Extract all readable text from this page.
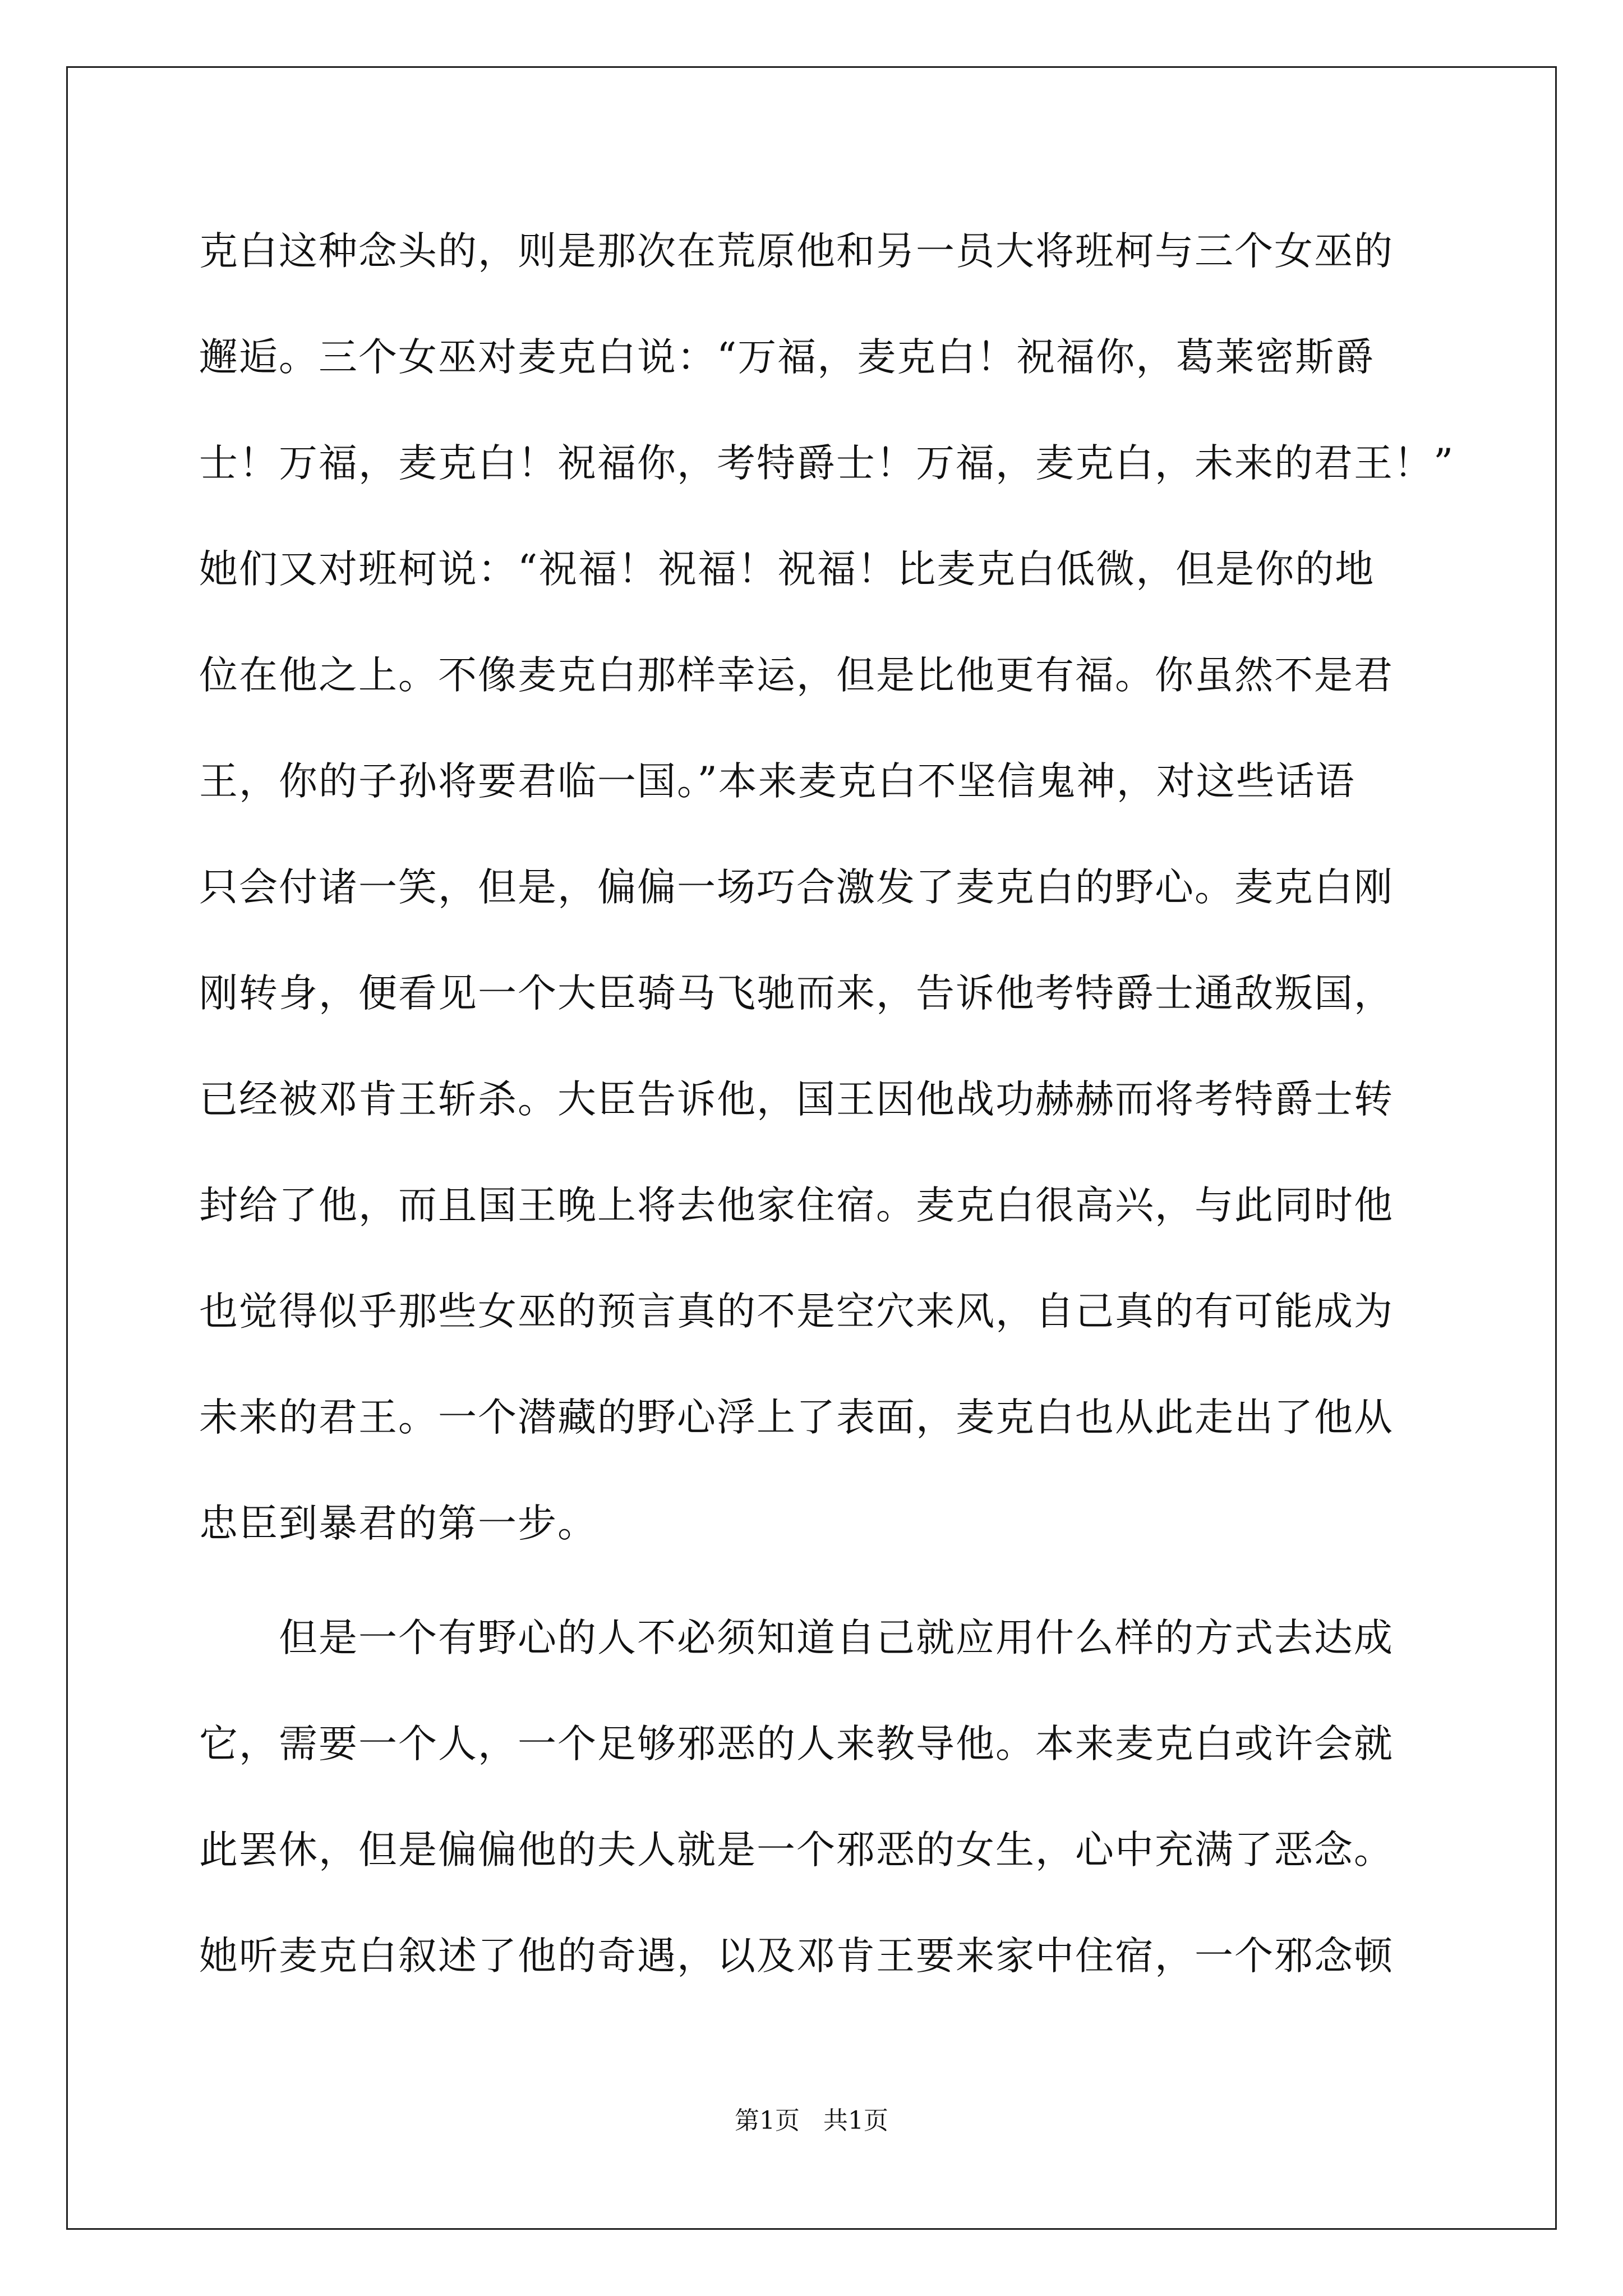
克白这种念头的，则是那次在荒原他和另一员大将班柯与三个女巫的
邂逅。三个女巫对麦克白说：“万福，麦克白！祝福你，葛莱密斯爵
士！万福，麦克白！祝福你，考特爵士！万福，麦克白，未来的君王！”
她们又对班柯说：“祝福！祝福！祝福！比麦克白低微，但是你的地
位在他之上。不像麦克白那样幸运，但是比他更有福。你虽然不是君
王，你的子孙将要君临一国。”本来麦克白不坚信鬼神，对这些话语
只会付诸一笑，但是，偏偏一场巧合激发了麦克白的野心。麦克白刚
刚转身，便看见一个大臣骑马飞驰而来，告诉他考特爵士通敌叛国，
已经被邓肯王斩杀。大臣告诉他，国王因他战功赫赫而将考特爵士转
封给了他，而且国王晚上将去他家住宿。麦克白很高兴，与此同时他
也觉得似乎那些女巫的预言真的不是空穴来风，自己真的有可能成为
未来的君王。一个潜藏的野心浮上了表面，麦克白也从此走出了他从
忠臣到暴君的第一步。
　　但是一个有野心的人不必须知道自己就应用什么样的方式去达成
它，需要一个人，一个足够邪恶的人来教导他。本来麦克白或许会就
此罢休，但是偏偏他的夫人就是一个邪恶的女生，心中充满了恶念。
她听麦克白叙述了他的奇遇，以及邓肯王要来家中住宿，一个邪念顿
第1页   共1页
